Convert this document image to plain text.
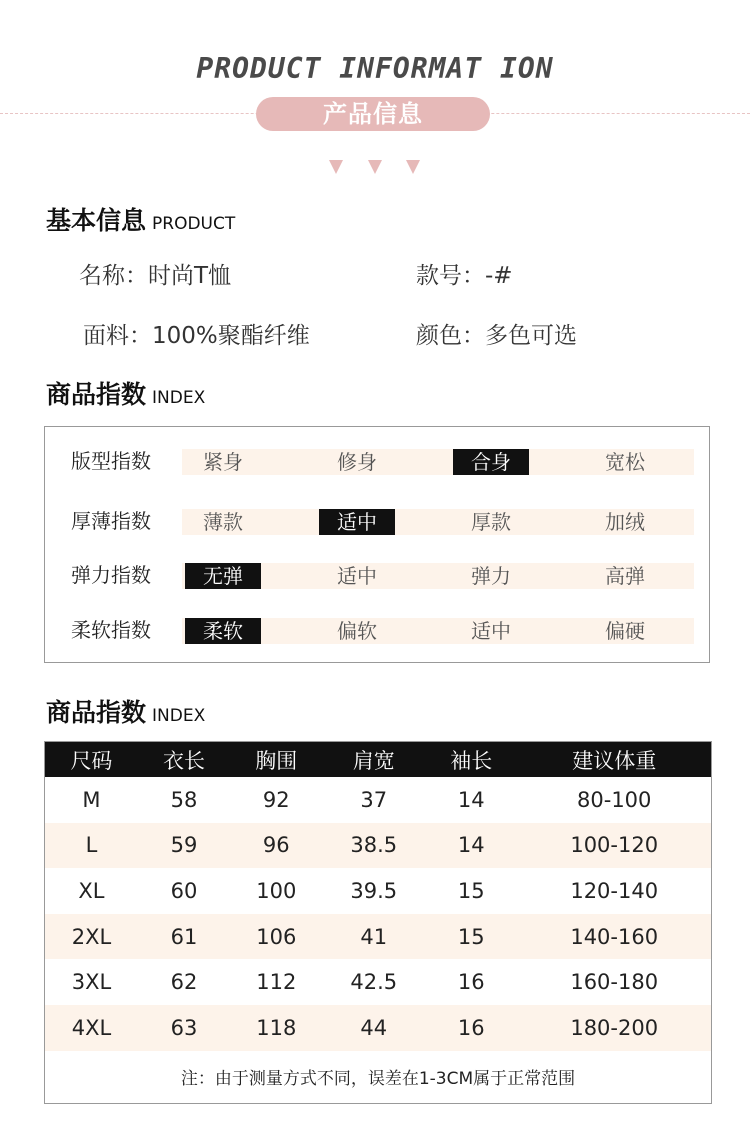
PRODUCT INFORMAT ION
产品信息
基本信息 PRODUCT
名称：时尚T恤	款号：-#
面料：100%聚酯纤维	颜色：多色可选
商品指数 INDEX
版型指数	紧身	修身	合身	宽松
厚薄指数	薄款	适中	厚款	加绒
弹力指数	无弹	适中	弹力	高弹
柔软指数	柔软	偏软	适中	偏硬
商品指数 INDEX
尺码	衣长	胸围	肩宽	袖长	建议体重
M	58	92	37	14	80-100
L	59	96	38.5	14	100-120
XL	60	100	39.5	15	120-140
2XL	61	106	41	15	140-160
3XL	62	112	42.5	16	160-180
4XL	63	118	44	16	180-200
注：由于测量方式不同，误差在1-3CM属于正常范围					
